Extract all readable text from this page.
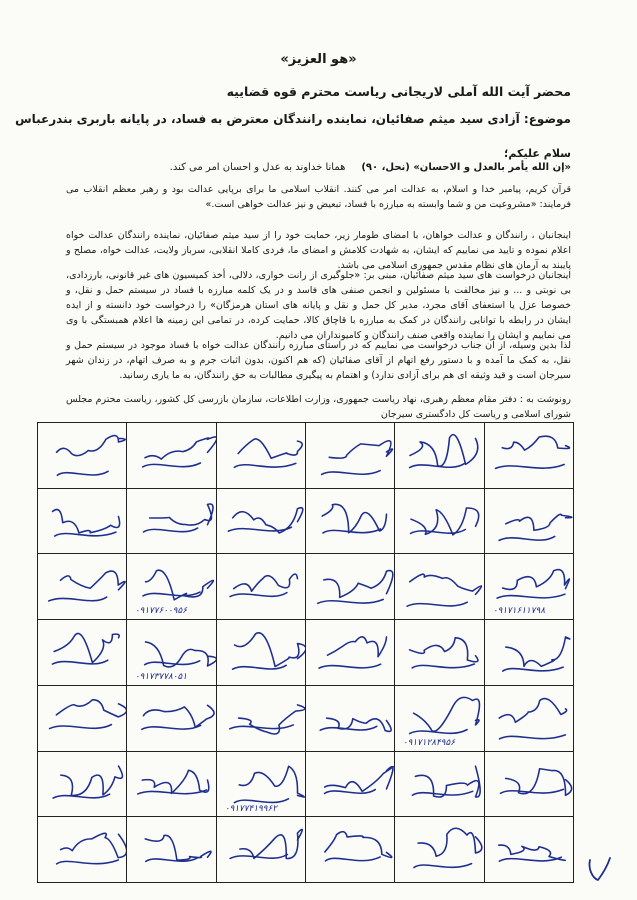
«هو العزیز»
محضر آیت الله آملی لاریجانی ریاست محترم قوه قضاییه
موضوع: آزادی سید میثم صفائیان، نماینده رانندگان معترض به فساد، در پایانه باربری بندرعباس
سلام علیکم؛
«إن الله یأمر بالعدل و الاحسان» (نحل، ۹۰)     همانا خداوند به عدل و احسان امر می کند.
قرآن کریم، پیامبر خدا و اسلام، به عدالت امر می کنند. انقلاب اسلامی ما برای برپایی عدالت بود و رهبر معظم انقلاب می فرمایند: «مشروعیت من و شما وابسته به مبارزه با فساد، تبعیض و نیز عدالت خواهی است.»
اینجانبان ، رانندگان و عدالت خواهان، با امضای طومار زیر، حمایت خود را از سید میثم صفائیان، نماینده رانندگان عدالت خواه اعلام نموده و تایید می نماییم که ایشان، به شهادت کلامش و امضای ما، فردی کاملا انقلابی، سرباز ولایت، عدالت خواه، مصلح و پایبند به آرمان های نظام مقدس جمهوری اسلامی می باشد.
اینجانبان درخواست های سید میثم صفائیان، مبنی بر: «جلوگیری از رانت خواری، دلالی، أخذ کمیسیون های غیر قانونی، بارزدادی، بی نوبتی و ... و نیز مخالفت با مسئولین و انجمن صنفی های فاسد و در یک کلمه مبارزه با فساد در سیستم حمل و نقل، و خصوصا عزل یا استعفای آقای مجرد، مدیر کل حمل و نقل و پایانه های استان هرمزگان» را درخواست خود دانسته و از ایده ایشان در رابطه با توانایی رانندگان در کمک به مبارزه با قاچاق کالا، حمایت کرده، در تمامی این زمینه ها اعلام همبستگی با وی می نماییم و ایشان را نماینده واقعی صنف رانندگان و کامیونداران می دانیم.
لذا بدین وسیله، از آن جناب درخواست می نماییم که در راستای مبارزه رانندگان عدالت خواه با فساد موجود در سیستم حمل و نقل، به کمک ما آمده و با دستور رفع اتهام از آقای صفائیان (که هم اکنون، بدون اثبات جرم و به صرف اتهام، در زندان شهر سیرجان است و قید وثیقه ای هم برای آزادی ندارد) و اهتمام به پیگیری مطالبات به حق رانندگان، به ما یاری رسانید.
رونوشت به : دفتر مقام معظم رهبری، نهاد ریاست جمهوری، وزارت اطلاعات، سازمان بازرسی کل کشور، ریاست محترم مجلس شورای اسلامی و ریاست کل دادگستری سیرجان

۰۹۱۷۷۶۰۰۹۵۶				۰۹۱۷۱۶۱۱۷۹۸

۰۹۱۷۳۷۷۸۰۵۱

۰۹۱۷۱۲۸۴۹۵۶

۰۹۱۷۷۴۱۹۹۶۲
